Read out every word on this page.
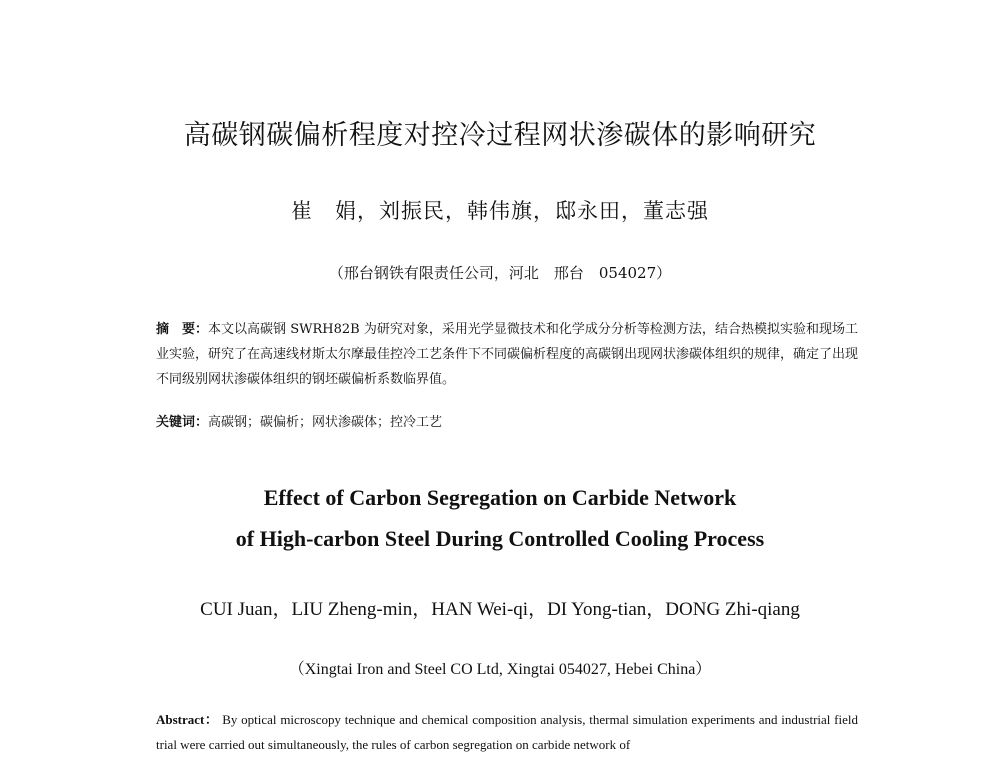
高碳钢碳偏析程度对控冷过程网状渗碳体的影响研究
崔　娟，刘振民，韩伟旗，邸永田，董志强
（邢台钢铁有限责任公司，河北　邢台　054027）
摘　要：本文以高碳钢 SWRH82B 为研究对象，采用光学显微技术和化学成分分析等检测方法，结合热模拟实验和现场工业实验，研究了在高速线材斯太尔摩最佳控冷工艺条件下不同碳偏析程度的高碳钢出现网状渗碳体组织的规律，确定了出现不同级别网状渗碳体组织的钢坯碳偏析系数临界值。
关键词：高碳钢；碳偏析；网状渗碳体；控冷工艺
Effect of Carbon Segregation on Carbide Network
of High-carbon Steel During Controlled Cooling Process
CUI Juan，LIU Zheng-min，HAN Wei-qi，DI Yong-tian，DONG Zhi-qiang
（Xingtai Iron and Steel CO Ltd, Xingtai 054027, Hebei China）
Abstract： By optical microscopy technique and chemical composition analysis, thermal simulation experiments and industrial field trial were carried out simultaneously, the rules of carbon segregation on carbide network of
